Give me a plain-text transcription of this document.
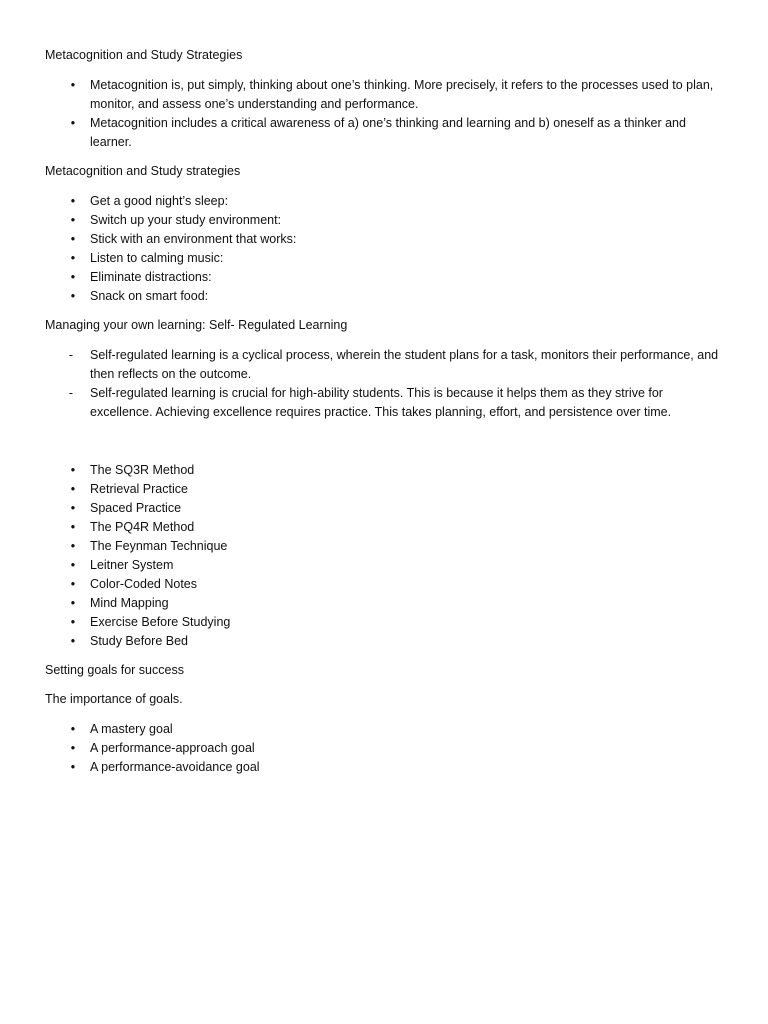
Metacognition and Study Strategies

•	Metacognition is, put simply, thinking about one’s thinking. More precisely, it refers to the processes used to plan, monitor, and assess one’s understanding and performance.
•	Metacognition includes a critical awareness of a) one’s thinking and learning and b) oneself as a thinker and learner.

Metacognition and Study strategies

•	Get a good night’s sleep:
•	Switch up your study environment:
•	Stick with an environment that works:
•	Listen to calming music:
•	Eliminate distractions:
•	Snack on smart food:

Managing your own learning: Self- Regulated Learning

-	Self-regulated learning is a cyclical process, wherein the student plans for a task, monitors their performance, and then reflects on the outcome.
-	Self-regulated learning is crucial for high-ability students. This is because it helps them as they strive for excellence. Achieving excellence requires practice. This takes planning, effort, and persistence over time.
•	The SQ3R Method
•	Retrieval Practice
•	Spaced Practice
•	The PQ4R Method
•	The Feynman Technique
•	Leitner System
•	Color-Coded Notes
•	Mind Mapping
•	Exercise Before Studying
•	Study Before Bed

Setting goals for success

The importance of goals.

•	A mastery goal
•	A performance-approach goal
•	A performance-avoidance goal
